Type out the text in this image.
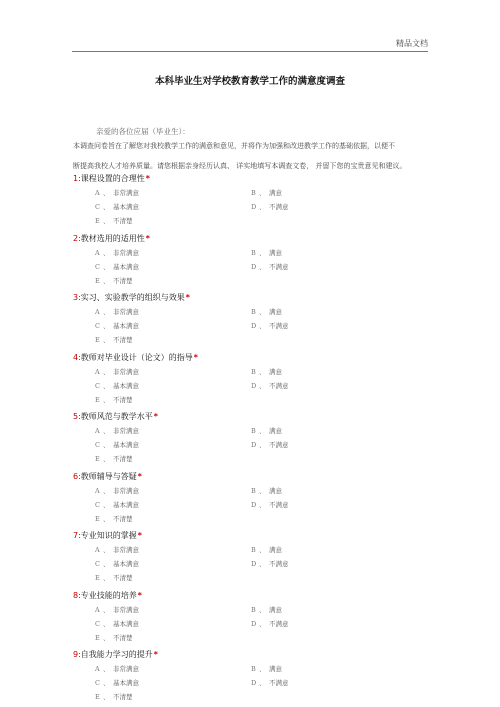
精品文档
本科毕业生对学校教育教学工作的满意度调查
亲爱的各位应届（毕业生）：
本调查问卷旨在了解您对我校教学工作的满意和意见，并将作为加强和改进教学工作的基础依据，以便不
断提高我校人才培养质量。请您根据亲身经历认真、 详实地填写本调查文卷， 并留下您的宝贵意见和建议。
1:课程设置的合理性*
A 、 非常满意	B 、 满意
C 、 基本满意	D 、 不满意
E 、 不清楚
2:教材选用的适用性*
A 、 非常满意	B 、 满意
C 、 基本满意	D 、 不满意
E 、 不清楚
3:实习、实验教学的组织与效果*
A 、 非常满意	B 、 满意
C 、 基本满意	D 、 不满意
E 、 不清楚
4:教师对毕业设计（论文）的指导*
A 、 非常满意	B 、 满意
C 、 基本满意	D 、 不满意
E 、 不清楚
5:教师风范与教学水平*
A 、 非常满意	B 、 满意
C 、 基本满意	D 、 不满意
E 、 不清楚
6:教师辅导与答疑*
A 、 非常满意	B 、 满意
C 、 基本满意	D 、 不满意
E 、 不清楚
7:专业知识的掌握*
A 、 非常满意	B 、 满意
C 、 基本满意	D 、 不满意
E 、 不清楚
8:专业技能的培养*
A 、 非常满意	B 、 满意
C 、 基本满意	D 、 不满意
E 、 不清楚
9:自我能力学习的提升*
A 、 非常满意	B 、 满意
C 、 基本满意	D 、 不满意
E 、 不清楚
